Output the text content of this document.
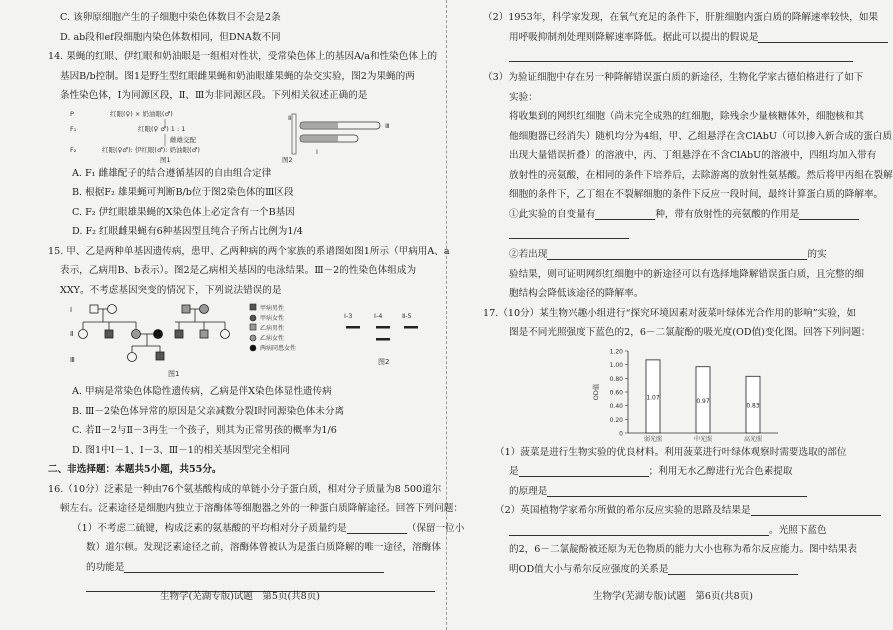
C. 该卵原细胞产生的子细胞中染色体数目不会是2条

D. ab段和ef段细胞内染色体数相同，但DNA数不同

14. 果蝇的红眼、伊红眼和奶油眼是一组相对性状，受常染色体上的基因A/a和性染色体上的

基因B/b控制。图1是野生型红眼雌果蝇和奶油眼雄果蝇的杂交实验，图2为果蝇的两

条性染色体，Ⅰ为同源区段，Ⅱ、Ⅲ为非同源区段。下列相关叙述正确的是

P	红眼(♀) × 奶油眼(♂)
F₁	红眼(♀ ♂) 1 : 1
雌雄交配
F₂	红眼(♀♂): 伊红眼(♂): 奶油眼(♂)
图1	图2
Ⅱ
Ⅰ
Ⅲ

A. F₁ 雌雄配子的结合遵循基因的自由组合定律

B. 根据F₂ 雄果蝇可判断B/b位于图2染色体的Ⅲ区段

C. F₂ 伊红眼雄果蝇的X染色体上必定含有一个B基因

D. F₂ 红眼雌果蝇有6种基因型且纯合子所占比例为1/4

15. 甲、乙是两种单基因遗传病，患甲、乙两种病的两个家族的系谱图如图1所示（甲病用A、a

表示，乙病用B、b表示）。图2是乙病相关基因的电泳结果。Ⅲ－2的性染色体组成为

XXY。不考虑基因突变的情况下，下列说法错误的是

Ⅰ
Ⅱ
Ⅲ
甲病男性
甲病女性
乙病男性
乙病女性
两病同患女性
图1
Ⅰ-3	Ⅰ-4	Ⅱ-5
图2

A. 甲病是常染色体隐性遗传病，乙病是伴X染色体显性遗传病

B. Ⅲ－2染色体异常的原因是父亲减数分裂Ⅰ时同源染色体未分离

C. 若Ⅱ－2与Ⅱ－3再生一个孩子，则其为正常男孩的概率为1/6

D. 图1中Ⅰ－1、Ⅰ－3、Ⅲ－1的相关基因型完全相同

二、非选择题：本题共5小题，共55分。

16.（10分）泛素是一种由76个氨基酸构成的单链小分子蛋白质，相对分子质量为8 500道尔

顿左右。泛素途径是细胞内独立于溶酶体等细胞器之外的一种蛋白质降解途径。回答下列问题：

（1）不考虑二硫键，构成泛素的氨基酸的平均相对分子质量约是	（保留一位小

数）道尔顿。发现泛素途径之前，溶酶体曾被认为是蛋白质降解的唯一途径，溶酶体

的功能是

生物学(芜湖专版)试题　第5页(共8页)

（2）1953年，科学家发现，在氧气充足的条件下，肝脏细胞内蛋白质的降解速率较快，如果

用呼吸抑制剂处理则降解速率降低。据此可以提出的假说是

（3）为验证细胞中存在另一种降解错误蛋白质的新途径，生物化学家古德伯格进行了如下

实验：

将收集到的网织红细胞（尚未完全成熟的红细胞，除残余少量核糖体外，细胞核和其

他细胞器已经消失）随机均分为4组，甲、乙组悬浮在含ClAbU（可以掺入新合成的蛋白质

出现大量错误折叠）的溶液中，丙、丁组悬浮在不含ClAbU的溶液中，四组均加入带有

放射性的亮氨酸，在相同的条件下培养后，去除游离的放射性氨基酸。然后将甲丙组在裂解

细胞的条件下，乙丁组在不裂解细胞的条件下反应一段时间，最终计算蛋白质的降解率。

①此实验的自变量有	种，带有放射性的亮氨酸的作用是

②若出现	的实

验结果，则可证明网织红细胞中的新途径可以有选择地降解错误蛋白质，且完整的细

胞结构会降低该途径的降解率。

17.（10分）某生物兴趣小组进行“探究环境因素对菠菜叶绿体光合作用的影响”实验，如

图是不同光照强度下蓝色的2，6－二氯靛酚的吸光度(OD值)变化图。回答下列问题：

0
0.20
0.40
0.60
0.80
1.00
1.20
OD值	1.07
弱光照
0.97
中光照
0.83
高光照

（1）菠菜是进行生物实验的优良材料。利用菠菜进行叶绿体观察时需要选取的部位

是	；利用无水乙醇进行光合色素提取

的原理是

（2）英国植物学家希尔所做的希尔反应实验的思路及结果是

。光照下蓝色

的2，6－二氯靛酚被还原为无色物质的能力大小也称为希尔反应能力。图中结果表

明OD值大小与希尔反应强度的关系是

生物学(芜湖专版)试题　第6页(共8页)
